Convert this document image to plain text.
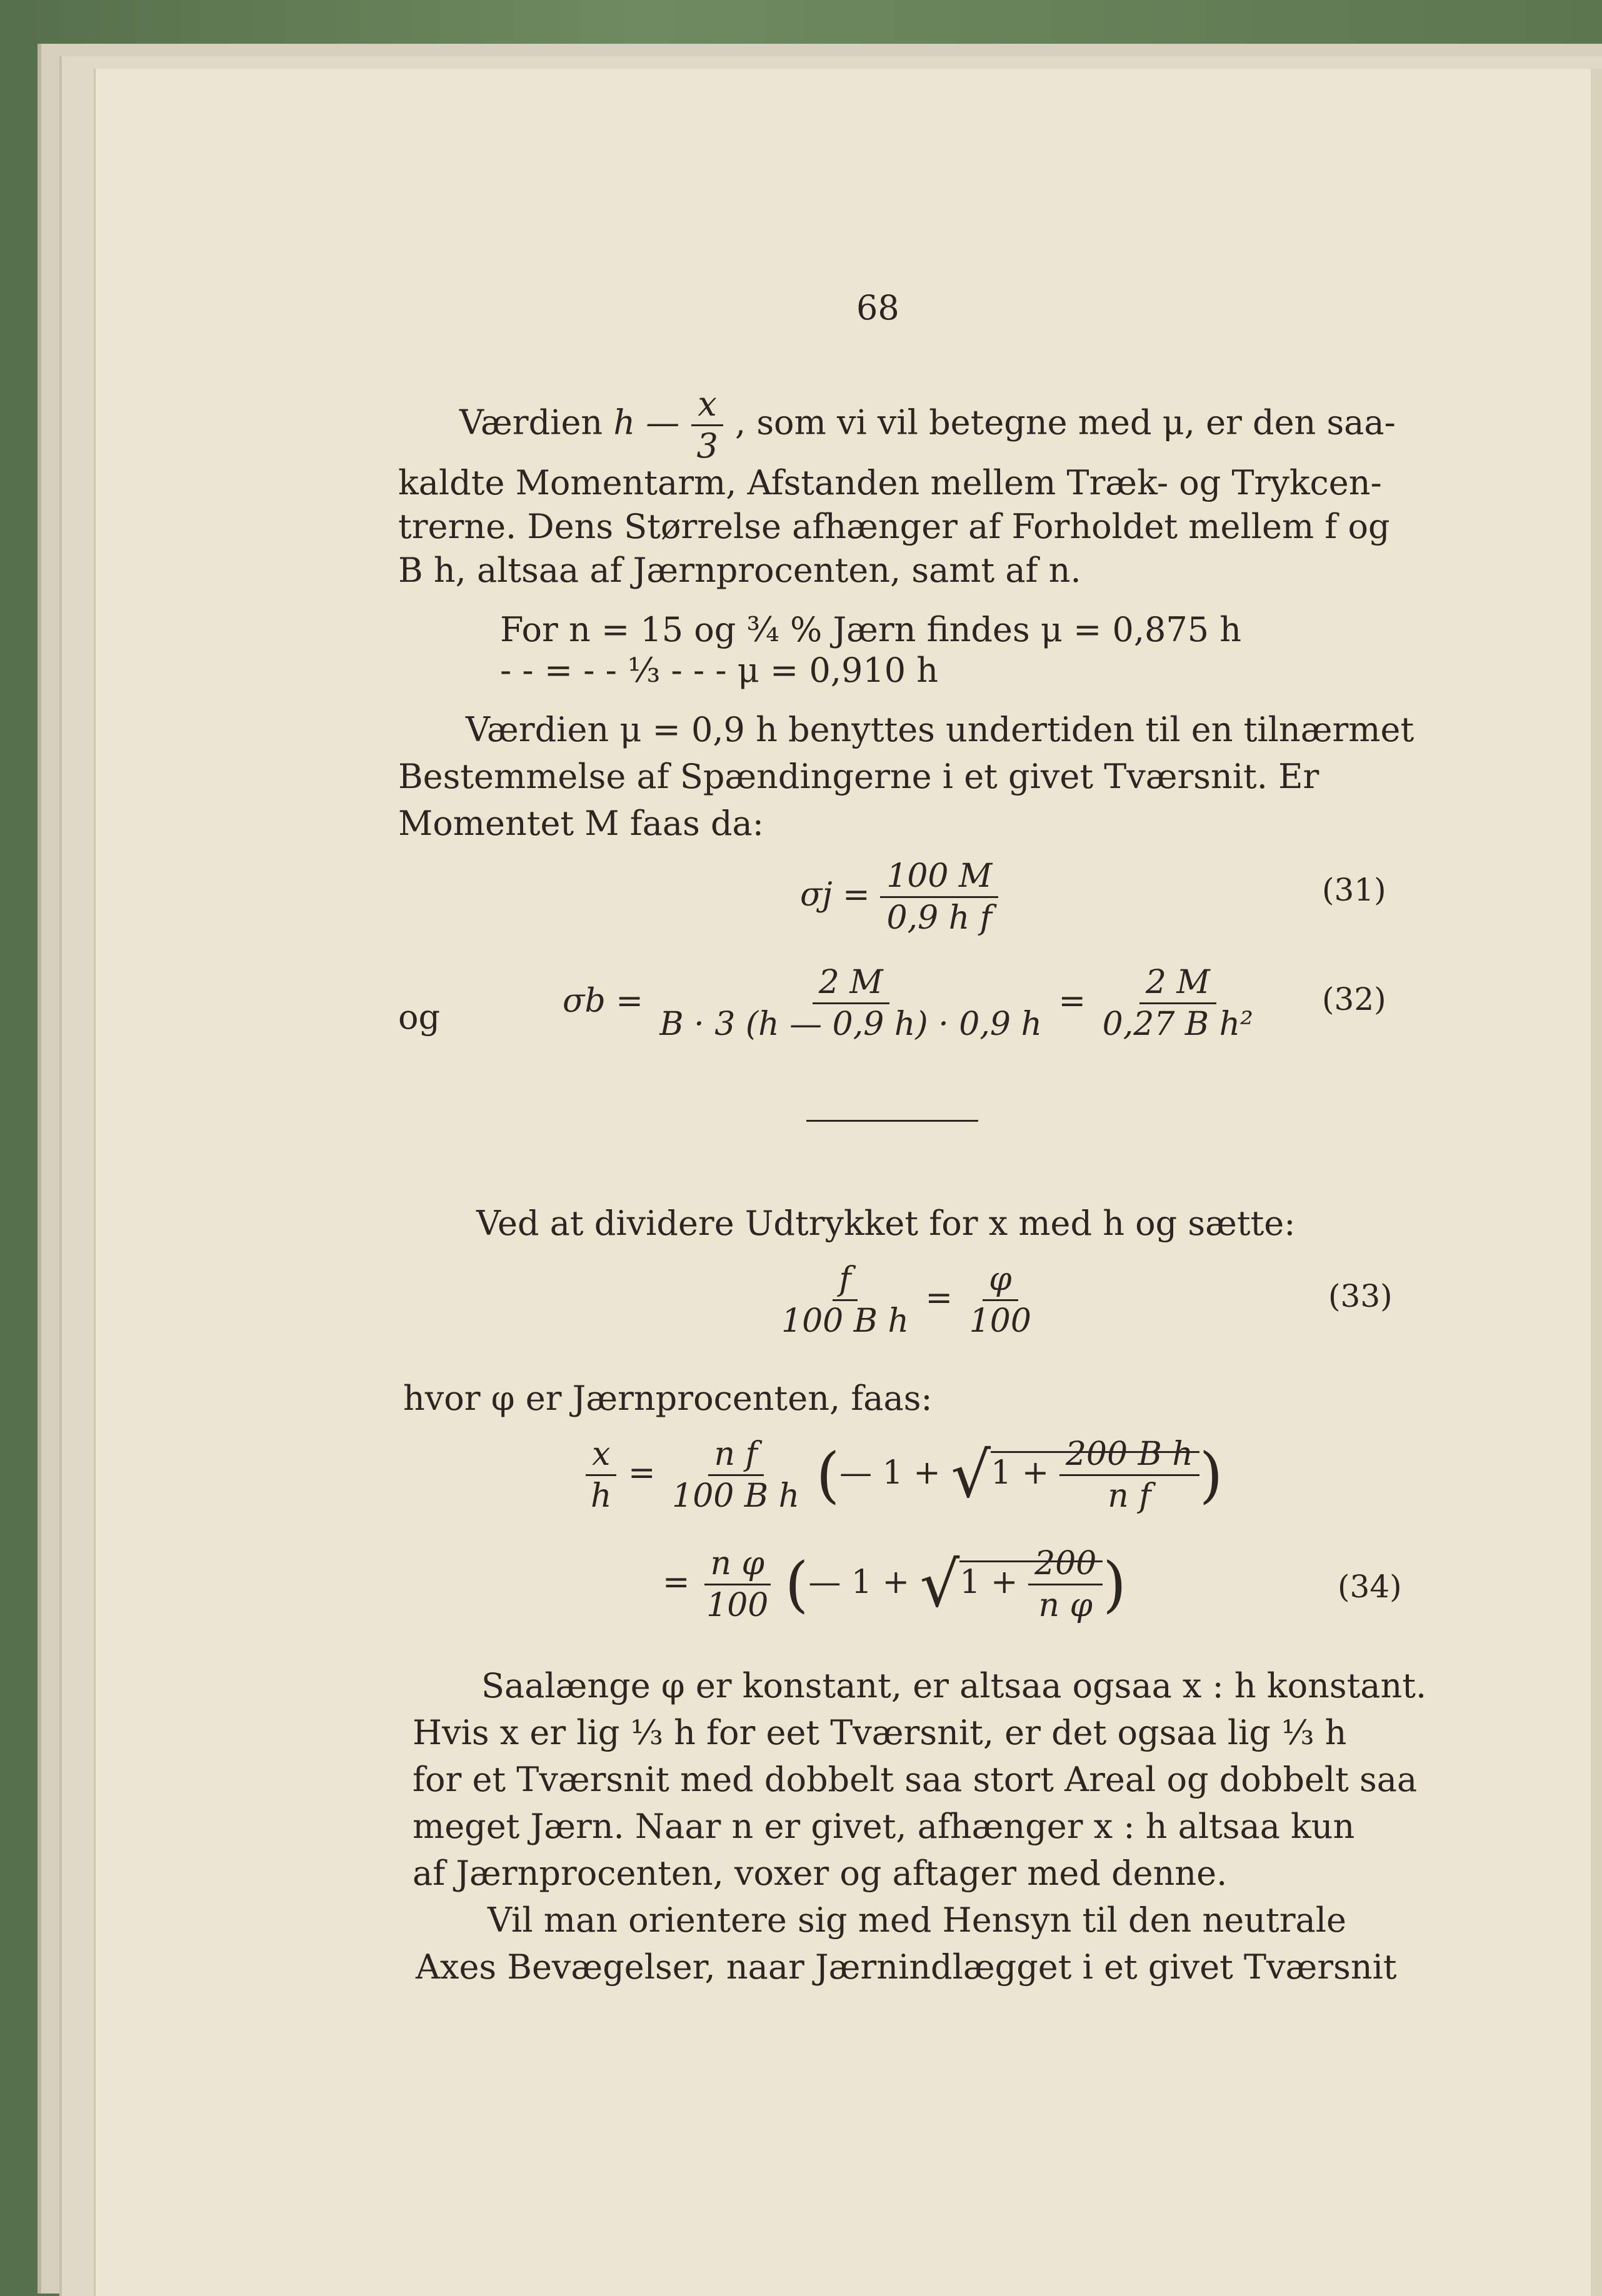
68
Værdien h — $\frac{x}{3}$ , som vi vil betegne med μ, er den saa-
kaldte Momentarm, Afstanden mellem Træk- og Trykcen-
trerne. Dens Størrelse afhænger af Forholdet mellem f og
B h, altsaa af Jærnprocenten, samt af n.
For n = 15 og ¾ % Jærn findes μ = 0,875 h
- - = - - ⅓ - - - μ = 0,910 h
Værdien μ = 0,9 h benyttes undertiden til en tilnærmet
Bestemmelse af Spændingerne i et givet Tværsnit. Er
Momentet M faas da:
$\sigma j = \frac{100 M}{\text{0,9 h f}}$	(31)
og	$\sigma b = \frac{2 M}{B \cdot 3 (h — 0,9 h) \cdot 0,9 h} = \frac{2 M}{\text{0,27 B h²}} (32)$
Ved at dividere Udtrykket for x med h og sætte:
$\frac{f}{\text{100 B h}} = \frac{\varphi}{100}$	(33)
hvor φ er Jærnprocenten, faas:
$\frac{x}{h} = \frac{\text{n f}}{\text{100 B h}}$ (— $1 + √1 + \frac{\text{200 B h}}{\text{n f}}$ )
= $\frac{\text{n φ}}{100}$ (— $1 + √1 + \frac{200}{\text{n φ}}$ )	(34)
Saalænge φ er konstant, er altsaa ogsaa x : h konstant.
Hvis x er lig ⅓ h for eet Tværsnit, er det ogsaa lig ⅓ h
for et Tværsnit med dobbelt saa stort Areal og dobbelt saa
meget Jærn. Naar n er givet, afhænger x : h altsaa kun
af Jærnprocenten, voxer og aftager med denne.
Vil man orientere sig med Hensyn til den neutrale
Axes Bevægelser, naar Jærnindlægget i et givet Tværsnit
